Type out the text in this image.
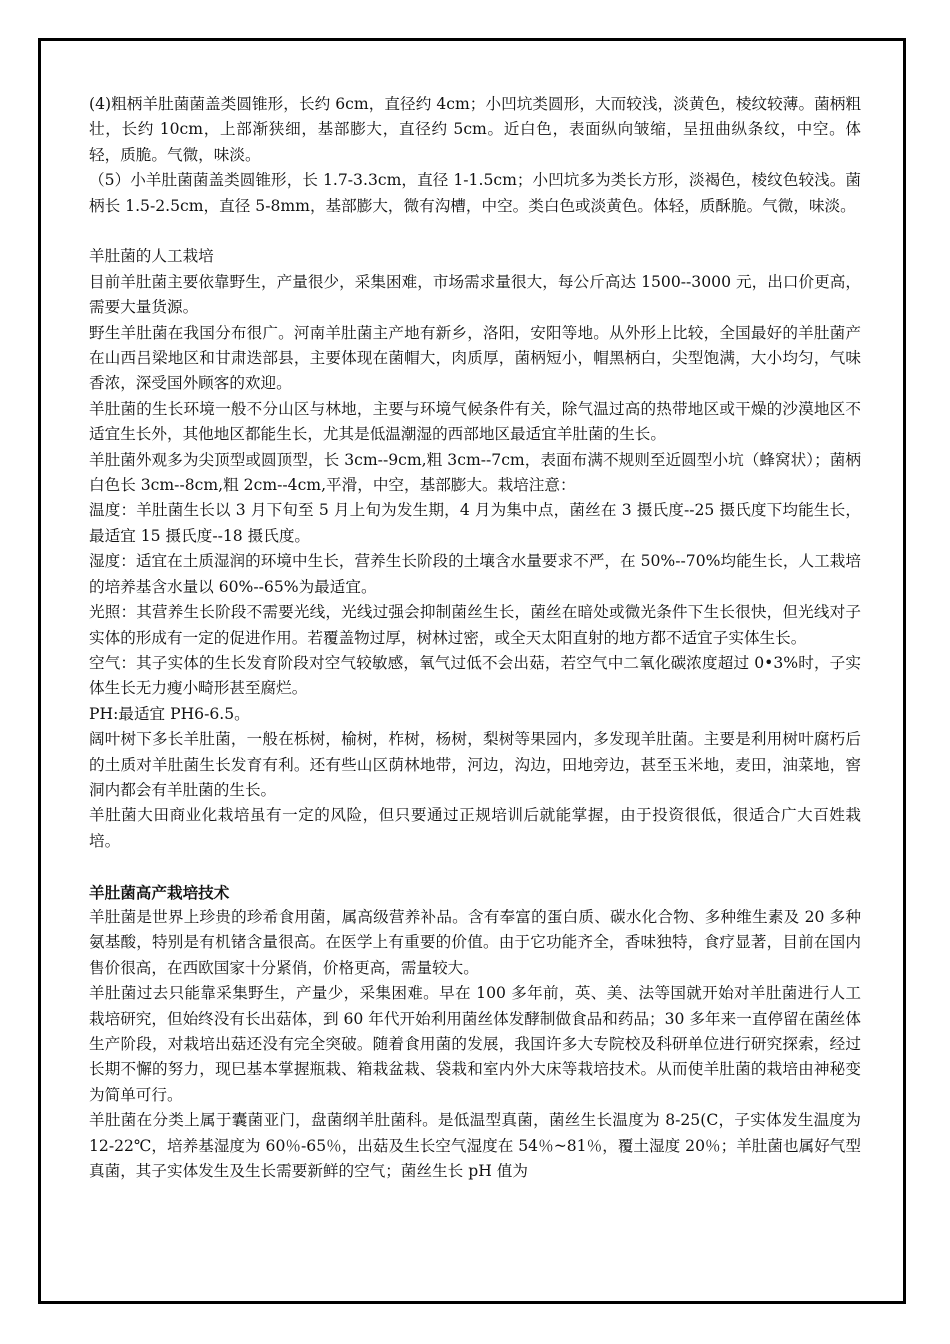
(4)粗柄羊肚菌菌盖类圆锥形，长约 6cm，直径约 4cm；小凹坑类圆形，大而较浅，淡黄色，棱纹较薄。菌柄粗壮，长约 10cm，上部渐狭细，基部膨大，直径约 5cm。近白色，表面纵向皱缩，呈扭曲纵条纹，中空。体轻，质脆。气微，味淡。

（5）小羊肚菌菌盖类圆锥形，长 1.7-3.3cm，直径 1-1.5cm；小凹坑多为类长方形，淡褐色，棱纹色较浅。菌柄长 1.5-2.5cm，直径 5-8mm，基部膨大，微有沟槽，中空。类白色或淡黄色。体轻，质酥脆。气微，味淡。

羊肚菌的人工栽培

目前羊肚菌主要依靠野生，产量很少，采集困难，市场需求量很大，每公斤高达 1500--3000 元，出口价更高，需要大量货源。

野生羊肚菌在我国分布很广。河南羊肚菌主产地有新乡，洛阳，安阳等地。从外形上比较，全国最好的羊肚菌产在山西吕梁地区和甘肃迭部县，主要体现在菌帽大，肉质厚，菌柄短小，帽黑柄白，尖型饱满，大小均匀，气味香浓，深受国外顾客的欢迎。

羊肚菌的生长环境一般不分山区与林地，主要与环境气候条件有关，除气温过高的热带地区或干燥的沙漠地区不适宜生长外，其他地区都能生长，尤其是低温潮湿的西部地区最适宜羊肚菌的生长。

羊肚菌外观多为尖顶型或圆顶型，长 3cm--9cm,粗 3cm--7cm，表面布满不规则至近圆型小坑（蜂窝状）；菌柄白色长 3cm--8cm,粗 2cm--4cm,平滑，中空，基部膨大。栽培注意：

温度：羊肚菌生长以 3 月下旬至 5 月上旬为发生期，4 月为集中点，菌丝在 3 摄氏度--25 摄氏度下均能生长，最适宜 15 摄氏度--18 摄氏度。

湿度：适宜在土质湿润的环境中生长，营养生长阶段的土壤含水量要求不严，在 50%--70%均能生长，人工栽培的培养基含水量以 60%--65%为最适宜。

光照：其营养生长阶段不需要光线，光线过强会抑制菌丝生长，菌丝在暗处或微光条件下生长很快，但光线对子实体的形成有一定的促进作用。若覆盖物过厚，树林过密，或全天太阳直射的地方都不适宜子实体生长。

空气：其子实体的生长发育阶段对空气较敏感，氧气过低不会出菇，若空气中二氧化碳浓度超过 0•3%时，子实体生长无力瘦小畸形甚至腐烂。

PH:最适宜 PH6-6.5。

阔叶树下多长羊肚菌，一般在栎树，榆树，柞树，杨树，梨树等果园内，多发现羊肚菌。主要是利用树叶腐朽后的土质对羊肚菌生长发育有利。还有些山区荫林地带，河边，沟边，田地旁边，甚至玉米地，麦田，油菜地，窖洞内都会有羊肚菌的生长。

羊肚菌大田商业化栽培虽有一定的风险，但只要通过正规培训后就能掌握，由于投资很低，很适合广大百姓栽培。

羊肚菌高产栽培技术

羊肚菌是世界上珍贵的珍希食用菌，属高级营养补品。含有奉富的蛋白质、碳水化合物、多种维生素及 20 多种氨基酸，特别是有机锗含量很高。在医学上有重要的价值。由于它功能齐全，香味独特，食疗显著，目前在国内售价很高，在西欧国家十分紧俏，价格更高，需量较大。

羊肚菌过去只能靠采集野生，产量少，采集困难。早在 100 多年前，英、美、法等国就开始对羊肚菌进行人工栽培研究，但始终没有长出菇体，到 60 年代开始利用菌丝体发酵制做食品和药品；30 多年来一直停留在菌丝体生产阶段，对栽培出菇还没有完全突破。随着食用菌的发展，我国许多大专院校及科研单位进行研究探索，经过长期不懈的努力，现巳基本掌握瓶栽、箱栽盆栽、袋栽和室内外大床等栽培技术。从而使羊肚菌的栽培由神秘变为简单可行。

羊肚菌在分类上属于囊菌亚门，盘菌纲羊肚菌科。是低温型真菌，菌丝生长温度为 8-25(C，子实体发生温度为 12-22℃，培养基湿度为 60％-65％，出菇及生长空气湿度在 54％~81％，覆土湿度 20％；羊肚菌也属好气型真菌，其子实体发生及生长需要新鲜的空气；菌丝生长 pH 值为
